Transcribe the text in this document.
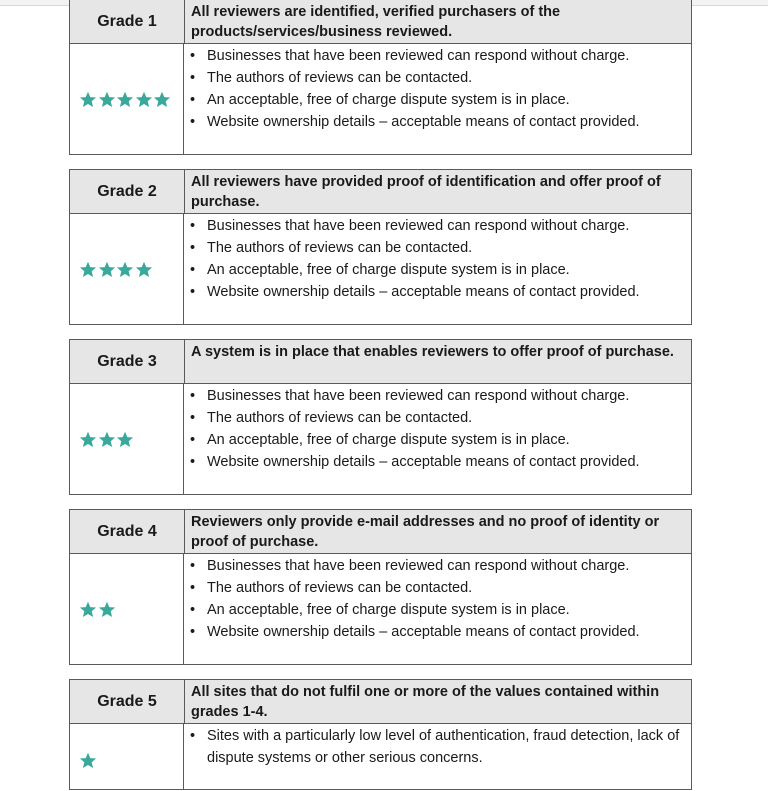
Grade 1
All reviewers are identified, verified purchasers of the products/services/business reviewed.
• Businesses that have been reviewed can respond without charge.
• The authors of reviews can be contacted.
• An acceptable, free of charge dispute system is in place.
• Website ownership details – acceptable means of contact provided.
Grade 2
All reviewers have provided proof of identification and offer proof of purchase.
• Businesses that have been reviewed can respond without charge.
• The authors of reviews can be contacted.
• An acceptable, free of charge dispute system is in place.
• Website ownership details – acceptable means of contact provided.
Grade 3
A system is in place that enables reviewers to offer proof of purchase.
• Businesses that have been reviewed can respond without charge.
• The authors of reviews can be contacted.
• An acceptable, free of charge dispute system is in place.
• Website ownership details – acceptable means of contact provided.
Grade 4
Reviewers only provide e-mail addresses and no proof of identity or proof of purchase.
• Businesses that have been reviewed can respond without charge.
• The authors of reviews can be contacted.
• An acceptable, free of charge dispute system is in place.
• Website ownership details – acceptable means of contact provided.
Grade 5
All sites that do not fulfil one or more of the values contained within grades 1-4.
• Sites with a particularly low level of authentication, fraud detection, lack of dispute systems or other serious concerns.
